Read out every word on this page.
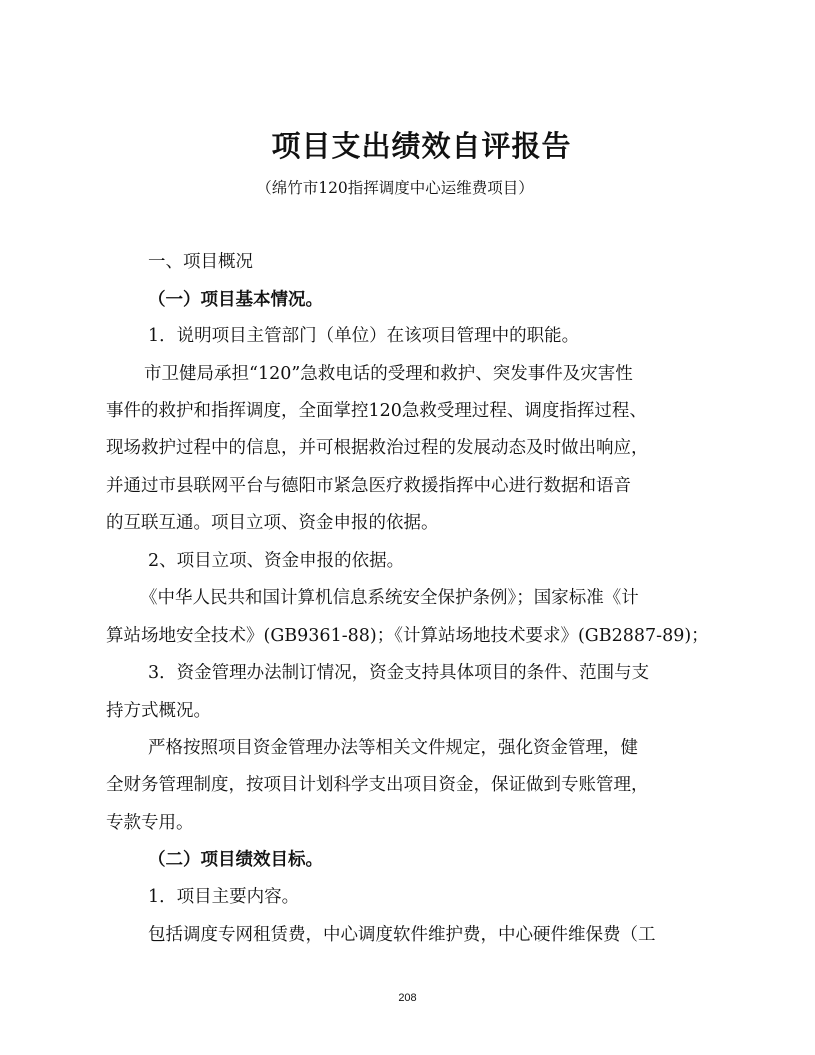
项目支出绩效自评报告
（绵竹市120指挥调度中心运维费项目）
一、项目概况
（一）项目基本情况。
1．说明项目主管部门（单位）在该项目管理中的职能。
市卫健局承担“120”急救电话的受理和救护、突发事件及灾害性
事件的救护和指挥调度，全面掌控120急救受理过程、调度指挥过程、
现场救护过程中的信息，并可根据救治过程的发展动态及时做出响应，
并通过市县联网平台与德阳市紧急医疗救援指挥中心进行数据和语音
的互联互通。项目立项、资金申报的依据。
2、项目立项、资金申报的依据。
《中华人民共和国计算机信息系统安全保护条例》；国家标准《计
算站场地安全技术》(GB9361-88)；《计算站场地技术要求》(GB2887-89)；
3．资金管理办法制订情况，资金支持具体项目的条件、范围与支
持方式概况。
严格按照项目资金管理办法等相关文件规定，强化资金管理，健
全财务管理制度，按项目计划科学支出项目资金，保证做到专账管理，
专款专用。
（二）项目绩效目标。
1．项目主要内容。
包括调度专网租赁费，中心调度软件维护费，中心硬件维保费（工
208
